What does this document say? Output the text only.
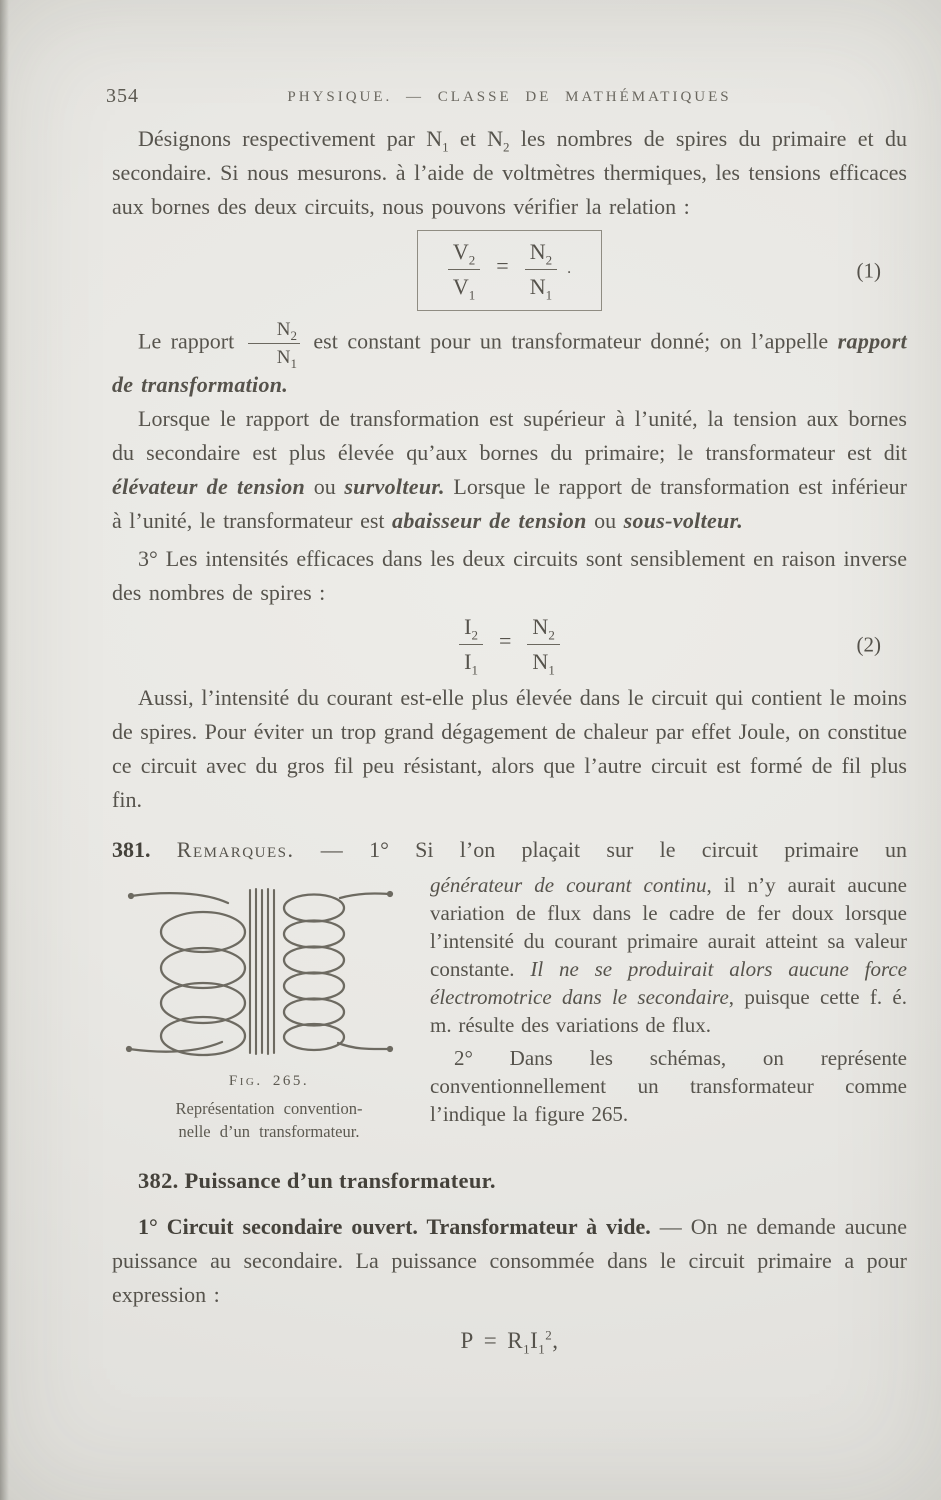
354	PHYSIQUE. — CLASSE DE MATHÉMATIQUES

Désignons respectivement par $N_1$ et $N_2$ les nombres de spires du primaire et du secondaire. Si nous mesurons. à l’aide de voltmètres thermiques, les tensions efficaces aux bornes des deux circuits, nous pouvons vérifier la relation :

$\frac{V_2}{V_1} = \frac{N_2}{N_1}$ .	(1)

Le rapport $\frac{N_2}{N_1}$ est constant pour un transformateur donné; on l’appelle rapport de transformation.

Lorsque le rapport de transformation est supérieur à l’unité, la tension aux bornes du secondaire est plus élevée qu’aux bornes du primaire; le transformateur est dit élévateur de tension ou survolteur. Lorsque le rapport de transformation est inférieur à l’unité, le transformateur est abaisseur de tension ou sous-volteur.

3° Les intensités efficaces dans les deux circuits sont sensiblement en raison inverse des nombres de spires :

$\frac{I_2}{I_1} = \frac{N_2}{N_1}$	(2)

Aussi, l’intensité du courant est-elle plus élevée dans le circuit qui contient le moins de spires. Pour éviter un trop grand dégagement de chaleur par effet Joule, on constitue ce circuit avec du gros fil peu résistant, alors que l’autre circuit est formé de fil plus fin.

381. Remarques. — 1° Si l’on plaçait sur le circuit primaire un

Fig. 265.
Représentation convention-
nelle d’un transformateur.

générateur de courant continu, il n’y aurait aucune variation de flux dans le cadre de fer doux lorsque l’intensité du courant primaire aurait atteint sa valeur constante. Il ne se produirait alors aucune force électromotrice dans le secondaire, puisque cette f. é. m. résulte des variations de flux.

2° Dans les schémas, on représente conventionnellement un transformateur comme l’indique la figure 265.

382. Puissance d’un transformateur.

1° Circuit secondaire ouvert. Transformateur à vide. — On ne demande aucune puissance au secondaire. La puissance consommée dans le circuit primaire a pour expression :

$P = R_1I_1^2$,
